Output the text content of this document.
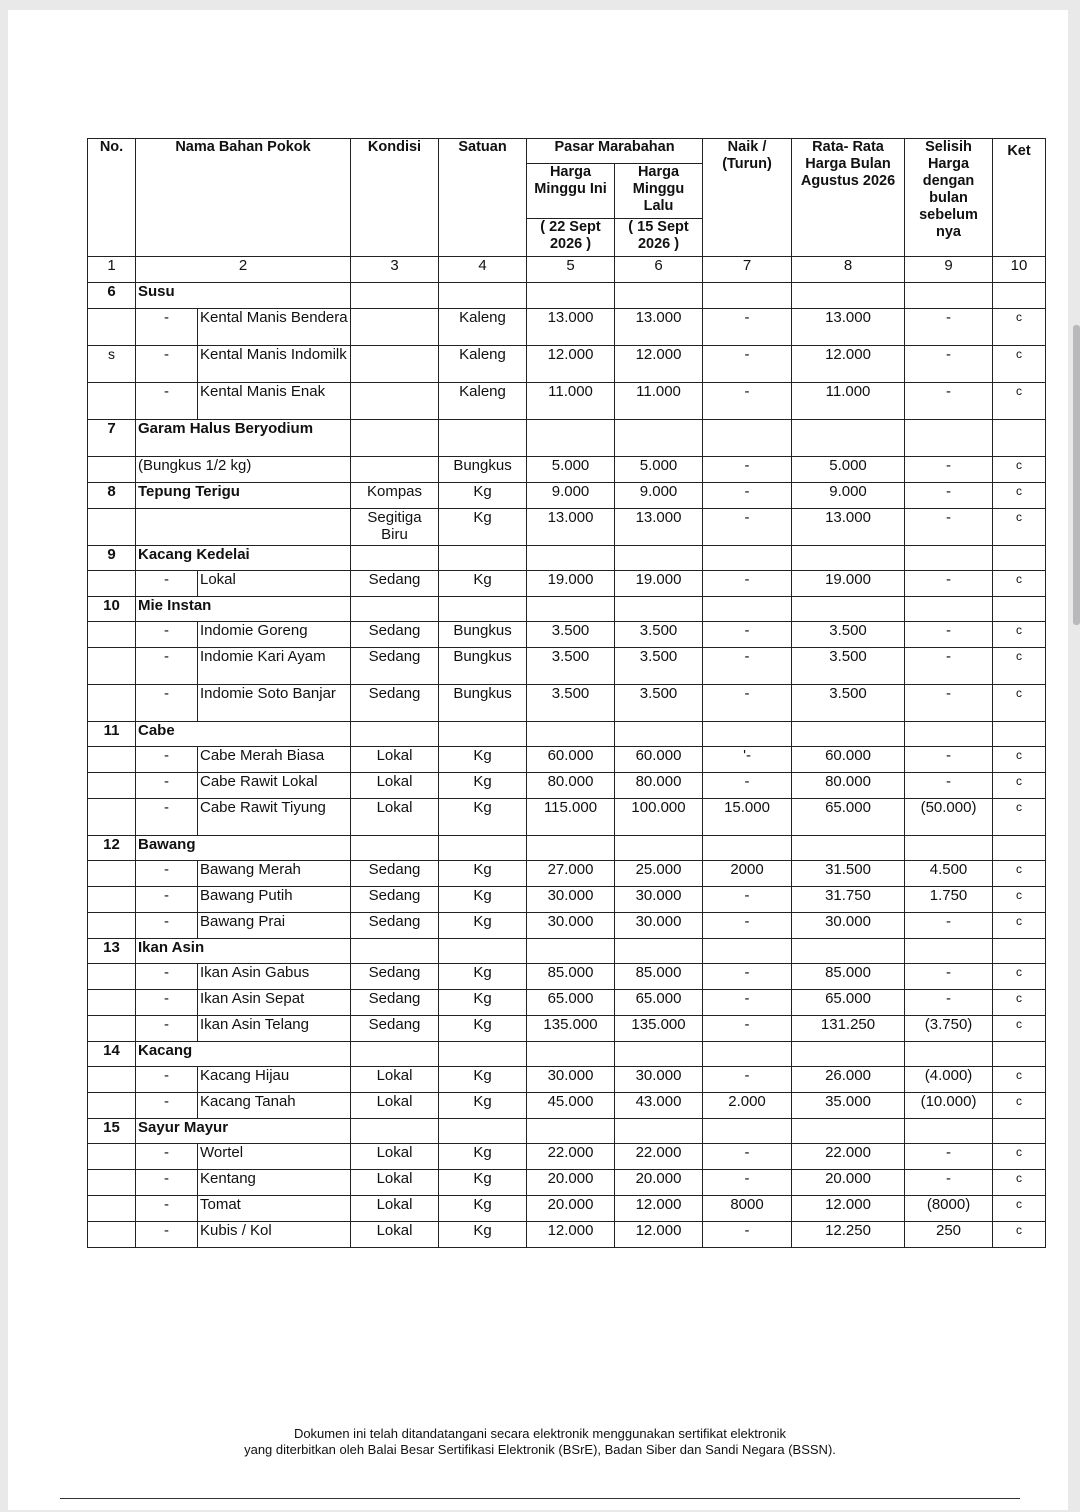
No.	Nama Bahan Pokok		Kondisi	Satuan	Pasar Marabahan		Naik / (Turun)	Rata- Rata Harga Bulan Agustus 2026	Selisih Harga dengan bulan sebelum nya	Ket
					Harga Minggu Ini	Harga Minggu Lalu				
					( 22 Sept 2026 )	( 15 Sept 2026 )				
1	2		3	4	5	6	7	8	9	10
6	Susu									
	-	Kental Manis Bendera		Kaleng	13.000	13.000	-	13.000	-	c
s	-	Kental Manis Indomilk		Kaleng	12.000	12.000	-	12.000	-	c
	-	Kental Manis Enak		Kaleng	11.000	11.000	-	11.000	-	c
7	Garam Halus Beryodium									
	(Bungkus 1/2 kg)			Bungkus	5.000	5.000	-	5.000	-	c
8	Tepung Terigu		Kompas	Kg	9.000	9.000	-	9.000	-	c
			Segitiga Biru	Kg	13.000	13.000	-	13.000	-	c
9	Kacang Kedelai									
	-	Lokal	Sedang	Kg	19.000	19.000	-	19.000	-	c
10	Mie Instan									
	-	Indomie Goreng	Sedang	Bungkus	3.500	3.500	-	3.500	-	c
	-	Indomie Kari Ayam	Sedang	Bungkus	3.500	3.500	-	3.500	-	c
	-	Indomie Soto Banjar	Sedang	Bungkus	3.500	3.500	-	3.500	-	c
11	Cabe									
	-	Cabe Merah Biasa	Lokal	Kg	60.000	60.000	'-	60.000	-	c
	-	Cabe Rawit Lokal	Lokal	Kg	80.000	80.000	-	80.000	-	c
	-	Cabe Rawit Tiyung	Lokal	Kg	115.000	100.000	15.000	65.000	(50.000)	c
12	Bawang									
	-	Bawang Merah	Sedang	Kg	27.000	25.000	2000	31.500	4.500	c
	-	Bawang Putih	Sedang	Kg	30.000	30.000	-	31.750	1.750	c
	-	Bawang Prai	Sedang	Kg	30.000	30.000	-	30.000	-	c
13	Ikan Asin									
	-	Ikan Asin Gabus	Sedang	Kg	85.000	85.000	-	85.000	-	c
	-	Ikan Asin Sepat	Sedang	Kg	65.000	65.000	-	65.000	-	c
	-	Ikan Asin Telang	Sedang	Kg	135.000	135.000	-	131.250	(3.750)	c
14	Kacang									
	-	Kacang Hijau	Lokal	Kg	30.000	30.000	-	26.000	(4.000)	c
	-	Kacang Tanah	Lokal	Kg	45.000	43.000	2.000	35.000	(10.000)	c
15	Sayur Mayur									
	-	Wortel	Lokal	Kg	22.000	22.000	-	22.000	-	c
	-	Kentang	Lokal	Kg	20.000	20.000	-	20.000	-	c
	-	Tomat	Lokal	Kg	20.000	12.000	8000	12.000	(8000)	c
	-	Kubis / Kol	Lokal	Kg	12.000	12.000	-	12.250	250	c
Dokumen ini telah ditandatangani secara elektronik menggunakan sertifikat elektronik
yang diterbitkan oleh Balai Besar Sertifikasi Elektronik (BSrE), Badan Siber dan Sandi Negara (BSSN).
